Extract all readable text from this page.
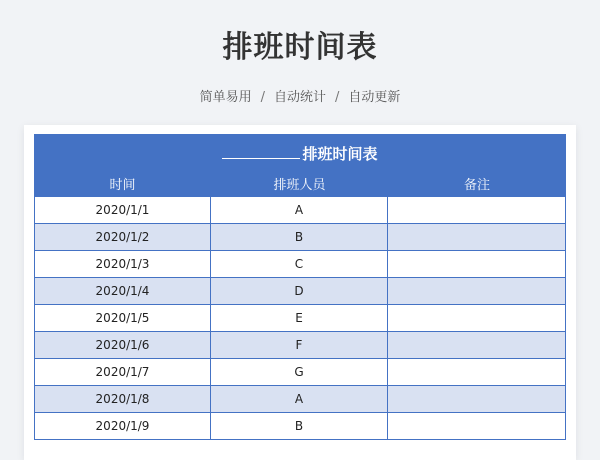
排班时间表
简单易用 / 自动统计 / 自动更新
排班时间表
时间	排班人员	备注
2020/1/1	A
2020/1/2	B
2020/1/3	C
2020/1/4	D
2020/1/5	E
2020/1/6	F
2020/1/7	G
2020/1/8	A
2020/1/9	B
